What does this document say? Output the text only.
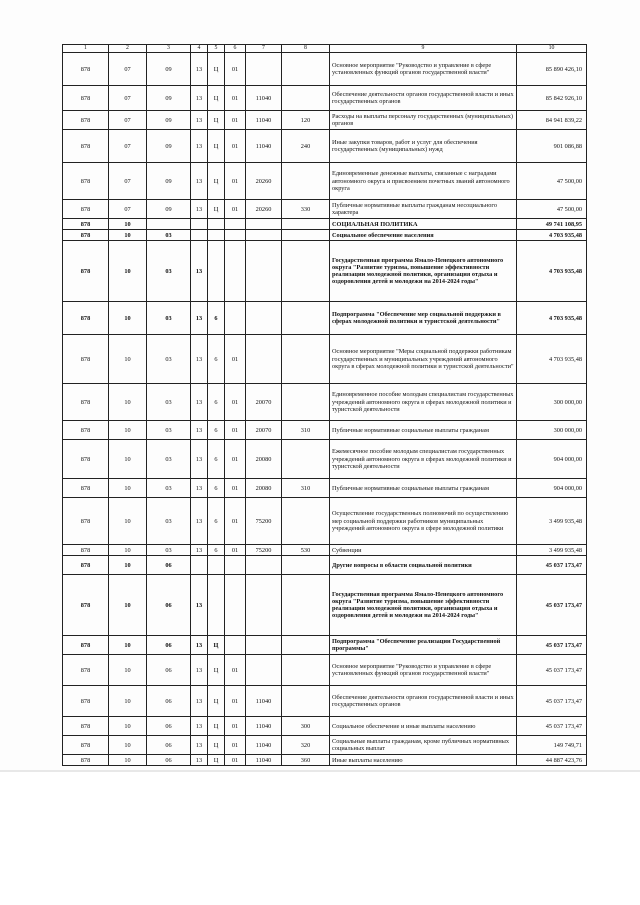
1	2	3	4	5	6	7	8	9	10
878	07	09	13	Ц	01			Основное мероприятие "Руководство и управление в сфере установленных функций органов государственной власти"	85 890 426,10
878	07	09	13	Ц	01	11040		Обеспечение деятельности органов государственной власти и иных государственных органов	85 842 926,10
878	07	09	13	Ц	01	11040	120	Расходы на выплаты персоналу государственных (муниципальных) органов	84 941 839,22
878	07	09	13	Ц	01	11040	240	Иные закупки товаров, работ и услуг для обеспечения государственных (муниципальных) нужд	901 086,88
878	07	09	13	Ц	01	20260		Единовременные денежные выплаты, связанные с наградами автономного округа и присвоением почетных званий автономного округа	47 500,00
878	07	09	13	Ц	01	20260	330	Публичные нормативные выплаты гражданам несоциального характера	47 500,00
878	10							СОЦИАЛЬНАЯ ПОЛИТИКА	49 741 108,95
878	10	03						Социальное обеспечение населения	4 703 935,48
878	10	03	13					Государственная программа Ямало-Ненецкого автономного округа "Развитие туризма, повышение эффективности реализации молодежной политики, организация отдыха и оздоровления детей и молодежи на 2014-2024 годы"	4 703 935,48
878	10	03	13	6				Подпрограмма "Обеспечение мер социальной поддержки в сферах молодежной политики и туристской деятельности"	4 703 935,48
878	10	03	13	6	01			Основное мероприятие "Меры социальной поддержки работникам государственных и муниципальных учреждений автономного округа в сферах молодежной политики и туристской деятельности"	4 703 935,48
878	10	03	13	6	01	20070		Единовременное пособие молодым специалистам государственных учреждений автономного округа в сферах молодежной политики и туристской деятельности	300 000,00
878	10	03	13	6	01	20070	310	Публичные нормативные социальные выплаты гражданам	300 000,00
878	10	03	13	6	01	20080		Ежемесячное пособие молодым специалистам государственных учреждений автономного округа в сферах молодежной политики и туристской деятельности	904 000,00
878	10	03	13	6	01	20080	310	Публичные нормативные социальные выплаты гражданам	904 000,00
878	10	03	13	6	01	75200		Осуществление государственных полномочий по осуществлению мер социальной поддержки работников муниципальных учреждений автономного округа в сфере молодежной политики	3 499 935,48
878	10	03	13	6	01	75200	530	Субвенции	3 499 935,48
878	10	06						Другие вопросы в области социальной политики	45 037 173,47
878	10	06	13					Государственная программа Ямало-Ненецкого автономного округа "Развитие туризма, повышение эффективности реализации молодежной политики, организация отдыха и оздоровления детей и молодежи на 2014-2024 годы"	45 037 173,47
878	10	06	13	Ц				Подпрограмма "Обеспечение реализации Государственной программы"	45 037 173,47
878	10	06	13	Ц	01			Основное мероприятие "Руководство и управление в сфере установленных функций органов государственной власти"	45 037 173,47
878	10	06	13	Ц	01	11040		Обеспечение деятельности органов государственной власти и иных государственных органов	45 037 173,47
878	10	06	13	Ц	01	11040	300	Социальное обеспечение и иные выплаты населению	45 037 173,47
878	10	06	13	Ц	01	11040	320	Социальные выплаты гражданам, кроме публичных нормативных социальных выплат	149 749,71
878	10	06	13	Ц	01	11040	360	Иные выплаты населению	44 887 423,76
